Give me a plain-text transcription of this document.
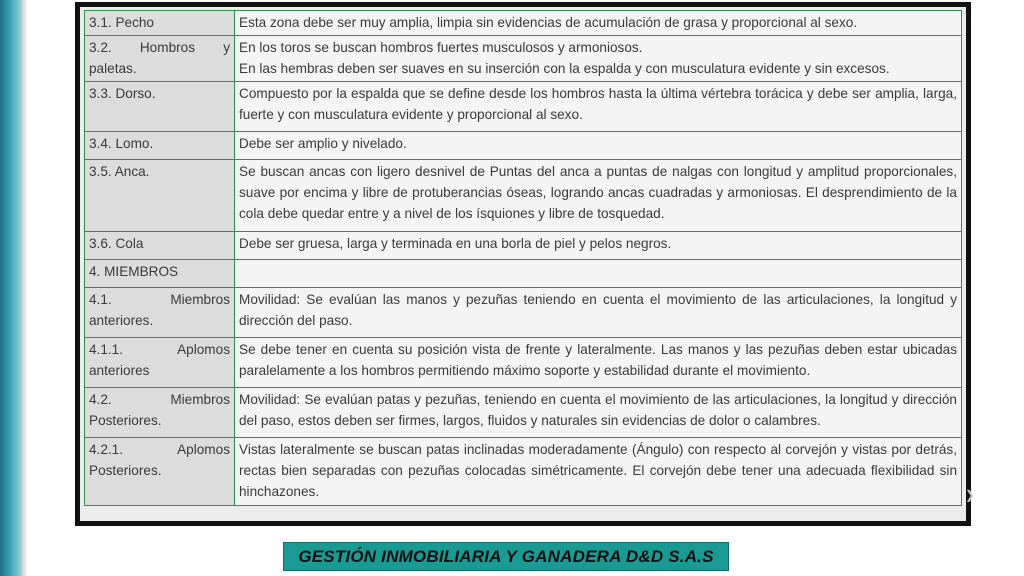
3.1. Pecho	Esta zona debe ser muy amplia, limpia sin evidencias de acumulación de grasa y proporcional al sexo.

3.2. Hombros y paletas.	En los toros se buscan hombros fuertes musculosos y armoniosos.
En las hembras deben ser suaves en su inserción con la espalda y con musculatura evidente y sin excesos.

3.3. Dorso.	Compuesto por la espalda que se define desde los hombros hasta la última vértebra torácica y debe ser amplia, larga, fuerte y con musculatura evidente y proporcional al sexo.

3.4. Lomo.	Debe ser amplio y nivelado.

3.5. Anca.	Se buscan ancas con ligero desnivel de Puntas del anca a puntas de nalgas con longitud y amplitud proporcionales, suave por encima y libre de protuberancias óseas, logrando ancas cuadradas y armoniosas. El desprendimiento de la cola debe quedar entre y a nivel de los ísquiones y libre de tosquedad.

3.6. Cola	Debe ser gruesa, larga y terminada en una borla de piel y pelos negros.

4. MIEMBROS	

4.1. Miembros anteriores.	Movilidad: Se evalúan las manos y pezuñas teniendo en cuenta el movimiento de las articulaciones, la longitud y dirección del paso.

4.1.1. Aplomos anteriores	Se debe tener en cuenta su posición vista de frente y lateralmente. Las manos y las pezuñas deben estar ubicadas paralelamente a los hombros permitiendo máximo soporte y estabilidad durante el movimiento.

4.2. Miembros Posteriores.	Movilidad: Se evalúan patas y pezuñas, teniendo en cuenta el movimiento de las articulaciones, la longitud y dirección del paso, estos deben ser firmes, largos, fluidos y naturales sin evidencias de dolor o calambres.

4.2.1. Aplomos Posteriores.	Vistas lateralmente se buscan patas inclinadas moderadamente (Ángulo) con respecto al corvejón y vistas por detrás, rectas bien separadas con pezuñas colocadas simétricamente. El corvejón debe tener una adecuada flexibilidad sin hinchazones.	❯
GESTIÓN INMOBILIARIA Y GANADERA D&D S.A.S
